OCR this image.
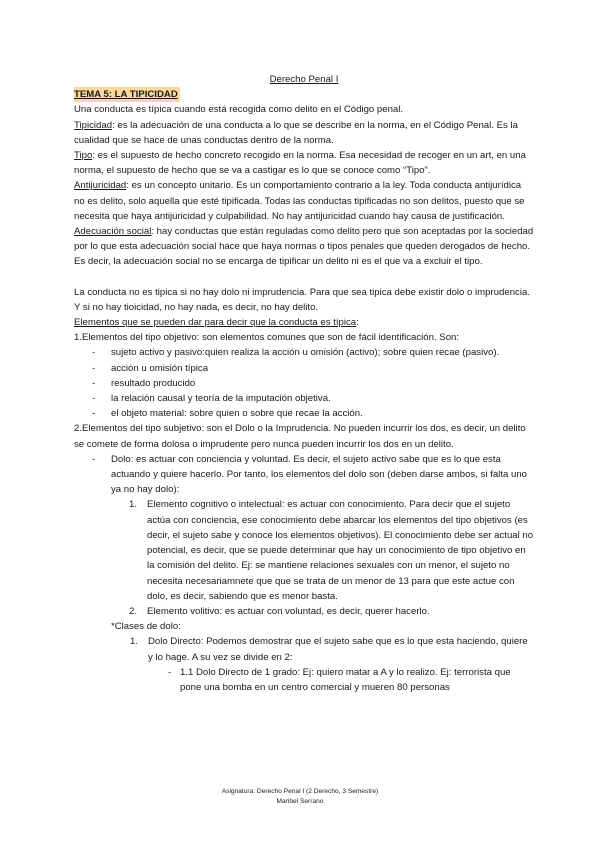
Derecho Penal I

TEMA 5: LA TIPICIDAD

Una conducta es típica cuando está recogida como delito en el Código penal.

Tipicidad: es la adecuación de una conducta a lo que se describe en la norma, en el Código Penal. Es la cualidad que se hace de unas conductas dentro de la norma.

Tipo: es el supuesto de hecho concreto recogido en la norma. Esa necesidad de recoger en un art, en una norma, el supuesto de hecho que se va a castigar es lo que se conoce como “Tipo”.

Antijuricidad: es un concepto unitario. Es un comportamiento contrario a la ley. Toda conducta antijurídica no es delito, solo aquella que esté tipificada. Todas las conductas tipificadas no son delitos, puesto que se necesita que haya antijuricidad y culpabilidad. No hay antijuricidad cuando hay causa de justificación.

Adecuación social: hay conductas que están reguladas como delito pero que son aceptadas por la sociedad por lo que esta adecuación social hace que haya normas o tipos penales que queden derogados de hecho. Es decir, la adecuación social no se encarga de tipificar un delito ni es el que va a excluir el tipo.

La conducta no es tipica si no hay dolo ni imprudencia. Para que sea tipica debe existir dolo o imprudencia. Y si no hay tioicidad, no hay nada, es decir, no hay delito.

Elementos que se pueden dar para decir que la conducta es típica:

1.Elementos del tipo objetivo: son elementos comunes que son de fácil identificación. Son:

- sujeto activo y pasivo:quien realiza la acción u omisión (activo); sobre quien recae (pasivo).
- acción u omisión típica
- resultado producido
- la relación causal y teoría de la imputación objetiva.
- el objeto material: sobre quien o sobre que recae la acción.

2.Elementos del tipo subjetivo: son el Dolo o la Imprudencia. No pueden incurrir los dos, es decir, un delito se comete de forma dolosa o imprudente pero nunca pueden incurrir los dos en un delito.

- Dolo: es actuar con conciencia y voluntad. Es decir, el sujeto activo sabe que es lo que esta actuando y quiere hacerlo. Por tanto, los elementos del dolo son (deben darse ambos, si falta uno ya no hay dolo):
1. Elemento cognitivo o intelectual: es actuar con conocimiento. Para decir que el sujeto actúa con conciencia, ese conocimiento debe abarcar los elementos del tipo objetivos (es decir, el sujeto sabe y conoce los elementos objetivos). El conocimiento debe ser actual no potencial, es decir, que se puede determinar que hay un conocimiento de tipo objetivo en la comisión del delito. Ej: se mantiene relaciones sexuales con un menor, el sujeto no necesita necesariamnete que que se trata de un menor de 13 para que este actue con dolo, es decir, sabiendo que es menor basta.
2. Elemento volitivo: es actuar con voluntad, es decir, querer hacerlo.

*Clases de dolo:

1. Dolo Directo: Podemos demostrar que el sujeto sabe que es lo que esta haciendo, quiere y lo hage. A su vez se divide en 2:
- 1.1 Dolo Directo de 1 grado: Ej: quiero matar a A y lo realizo. Ej: terrorista que pone una bomba en un centro comercial y mueren 80 personas
Asignatura: Derecho Penal I (2 Derecho, 3 Semestre)
Maribel Serrano
